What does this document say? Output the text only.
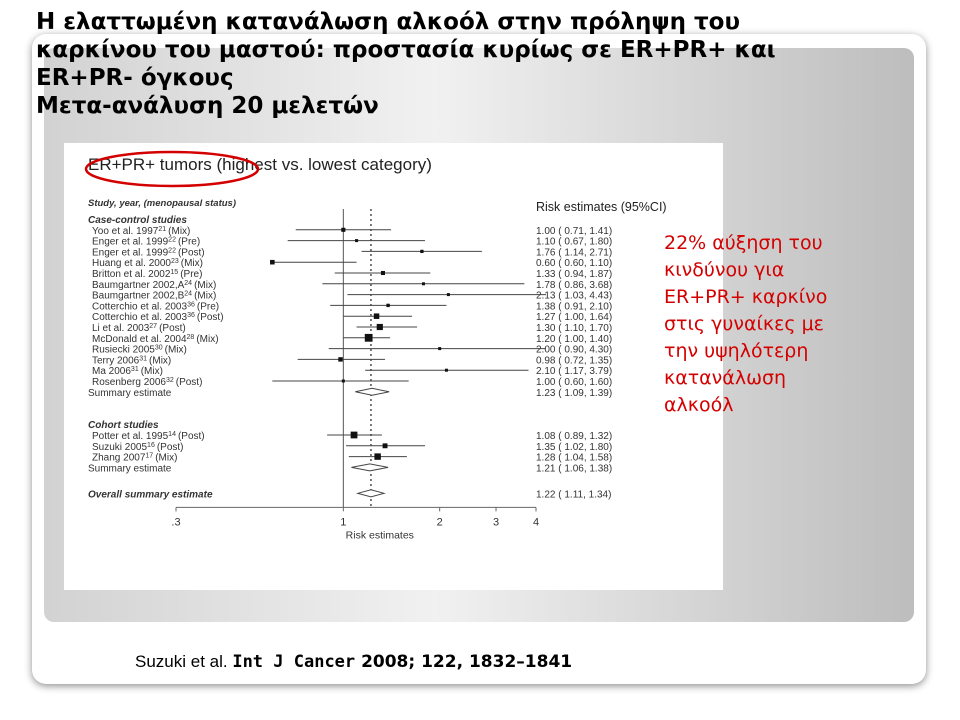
Η ελαττωμένη κατανάλωση αλκοόλ στην πρόληψη του
καρκίνου του μαστού: προστασία κυρίως σε ER+PR+ και
ER+PR- όγκους
Μετα-ανάλυση 20 μελετών
ER+PR+ tumors (highest vs. lowest category)
Study, year, (menopausal status)	Risk estimates (95%CI)
Case-control studies
Yoo et al. 1997$^{21}$ (Mix)	1.00 ( 0.71, 1.41)
Enger et al. 1999$^{22}$ (Pre)	1.10 ( 0.67, 1.80)
Enger et al. 1999$^{22}$ (Post)	1.76 ( 1.14, 2.71)
Huang et al. 2000$^{23}$ (Mix)	0.60 ( 0.60, 1.10)
Britton et al. 2002$^{15}$ (Pre)	1.33 ( 0.94, 1.87)
Baumgartner $2002,A^{24}$ (Mix)	1.78 ( 0.86, 3.68)
Baumgartner $2002,B^{24}$ (Mix)	2.13 ( 1.03, 4.43)
Cotterchio et al. 2003$^{36}$ (Pre)	1.38 ( 0.91, 2.10)
Cotterchio et al. 2003$^{36}$ (Post)	1.27 ( 1.00, 1.64)
Li et al. 2003$^{27}$ (Post)	1.30 ( 1.10, 1.70)
McDonald et al. 2004$^{28}$ (Mix)	1.20 ( 1.00, 1.40)
Rusiecki 2005$^{30}$ (Mix)	2.00 ( 0.90, 4.30)
Terry 2006$^{31}$ (Mix)	0.98 ( 0.72, 1.35)
Ma 2006$^{31}$ (Mix)	2.10 ( 1.17, 3.79)
Rosenberg 2006$^{32}$ (Post)	1.00 ( 0.60, 1.60)
Summary estimate	1.23 ( 1.09, 1.39)
Cohort studies
Potter et al. 1995$^{14}$ (Post)	1.08 ( 0.89, 1.32)
Suzuki 2005$^{16}$ (Post)	1.35 ( 1.02, 1.80)
Zhang 2007$^{17}$ (Mix)	1.28 ( 1.04, 1.58)
Summary estimate	1.21 ( 1.06, 1.38)
Overall summary estimate	1.22 ( 1.11, 1.34)
.3	1	2	3	4
Risk estimates
22% αύξηση του
κινδύνου για
ER+PR+ καρκίνο
στις γυναίκες με
την υψηλότερη
κατανάλωση
αλκοόλ
Suzuki et al. Int J Cancer 2008; 122, 1832–1841
